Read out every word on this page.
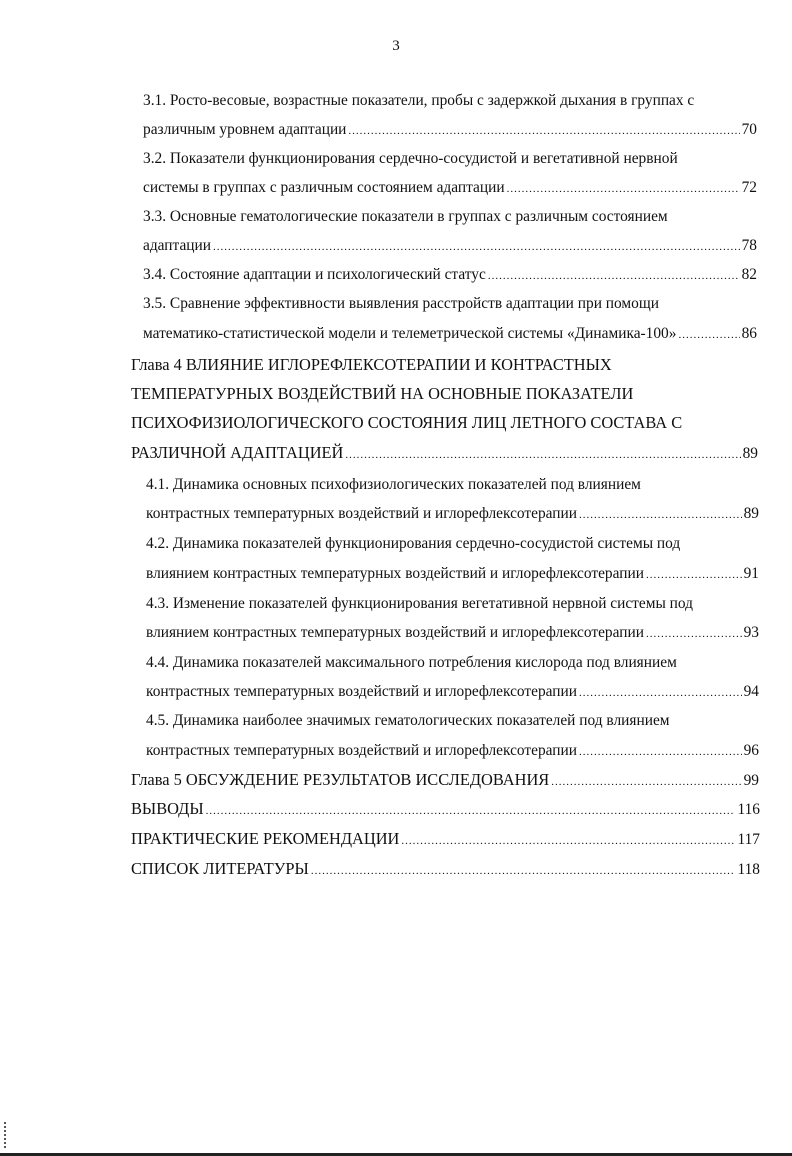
3
3.1. Росто-весовые, возрастные показатели, пробы с задержкой дыхания в группах с
различным уровнем адаптации .....	70
3.2. Показатели функционирования сердечно-сосудистой и вегетативной нервной
системы в группах с различным состоянием адаптации .....	72
3.3. Основные гематологические показатели в группах с различным состоянием
адаптации .....	78
3.4. Состояние адаптации и психологический статус .....	82
3.5. Сравнение эффективности выявления расстройств адаптации при помощи
математико-статистической модели и телеметрической системы «Динамика-100» .....	86
Глава 4 ВЛИЯНИЕ ИГЛОРЕФЛЕКСОТЕРАПИИ И КОНТРАСТНЫХ
ТЕМПЕРАТУРНЫХ ВОЗДЕЙСТВИЙ НА ОСНОВНЫЕ ПОКАЗАТЕЛИ
ПСИХОФИЗИОЛОГИЧЕСКОГО СОСТОЯНИЯ ЛИЦ ЛЕТНОГО СОСТАВА С
РАЗЛИЧНОЙ АДАПТАЦИЕЙ .....	89
4.1. Динамика основных психофизиологических показателей под влиянием
контрастных температурных воздействий и иглорефлексотерапии .....	89
4.2. Динамика показателей функционирования сердечно-сосудистой системы под
влиянием контрастных температурных воздействий и иглорефлексотерапии .....	91
4.3. Изменение показателей функционирования вегетативной нервной системы под
влиянием контрастных температурных воздействий и иглорефлексотерапии .....	93
4.4. Динамика показателей максимального потребления кислорода под влиянием
контрастных температурных воздействий и иглорефлексотерапии .....	94
4.5. Динамика наиболее значимых гематологических показателей под влиянием
контрастных температурных воздействий и иглорефлексотерапии .....	96
Глава 5 ОБСУЖДЕНИЕ РЕЗУЛЬТАТОВ ИССЛЕДОВАНИЯ .....	99
ВЫВОДЫ .....	116
ПРАКТИЧЕСКИЕ РЕКОМЕНДАЦИИ .....	117
СПИСОК ЛИТЕРАТУРЫ .....	118
